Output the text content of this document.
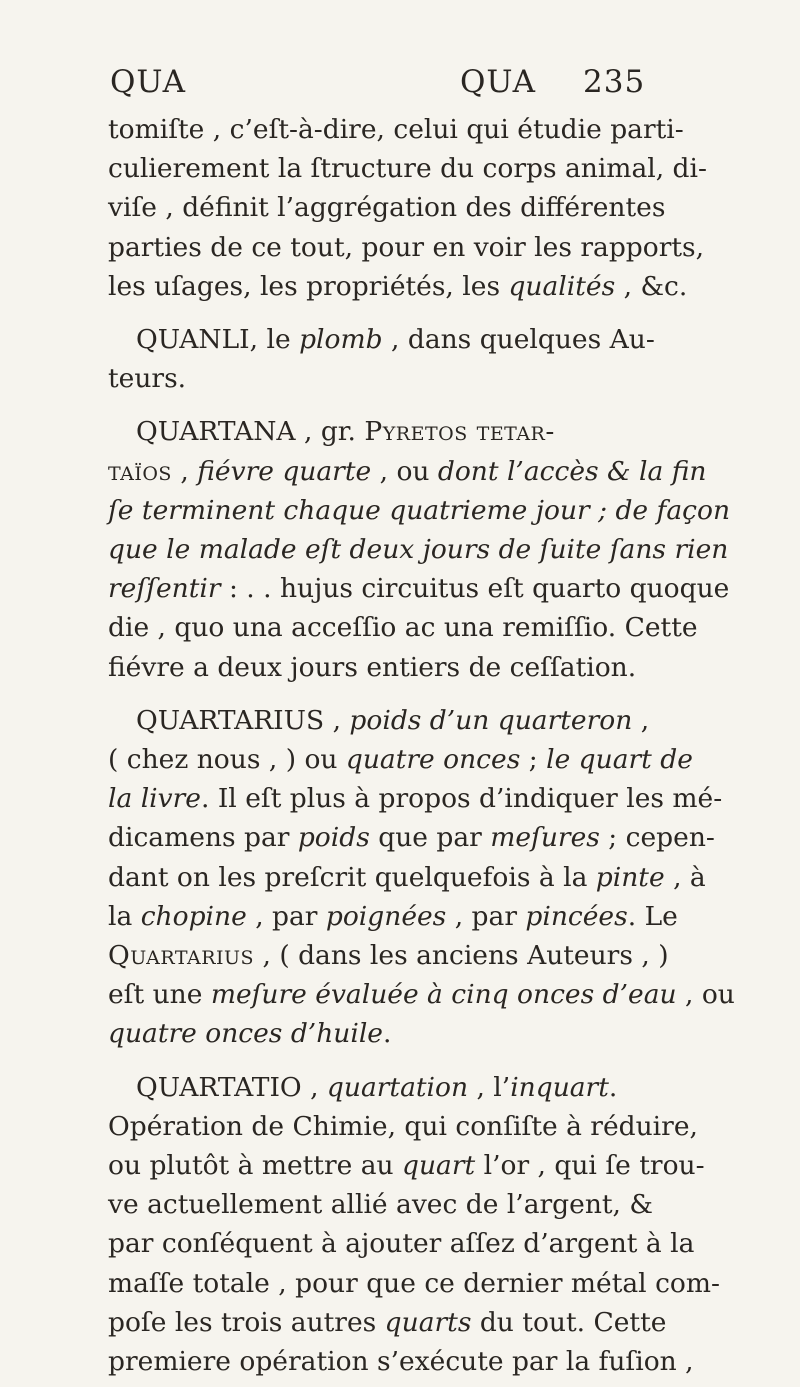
QUA	QUA 235
tomiſte , c’eſt-à-dire, celui qui étudie parti-
culierement la ſtructure du corps animal, di-
viſe , définit l’aggrégation des différentes
parties de ce tout, pour en voir les rapports,
les uſages, les propriétés, les qualités , &c.
QUANLI, le plomb , dans quelques Au-
teurs.
QUARTANA , gr. Pyretos tetar-
taïos , fiévre quarte , ou dont l’accès & la fin
ſe terminent chaque quatrieme jour ; de façon
que le malade eſt deux jours de ſuite ſans rien
reſſentir : . . hujus circuitus eſt quarto quoque
die , quo una acceſſio ac una remiſſio. Cette
fiévre a deux jours entiers de ceſſation.
QUARTARIUS , poids d’un quarteron ,
( chez nous , ) ou quatre onces ; le quart de
la livre. Il eſt plus à propos d’indiquer les mé-
dicamens par poids que par meſures ; cepen-
dant on les preſcrit quelquefois à la pinte , à
la chopine , par poignées , par pincées. Le
Quartarius , ( dans les anciens Auteurs , )
eſt une meſure évaluée à cinq onces d’eau , ou
quatre onces d’huile.
QUARTATIO , quartation , l’inquart.
Opération de Chimie, qui conſiſte à réduire,
ou plutôt à mettre au quart l’or , qui ſe trou-
ve actuellement allié avec de l’argent, &
par conſéquent à ajouter aſſez d’argent à la
maſſe totale , pour que ce dernier métal com-
poſe les trois autres quarts du tout. Cette
premiere opération s’exécute par la fuſion ,
